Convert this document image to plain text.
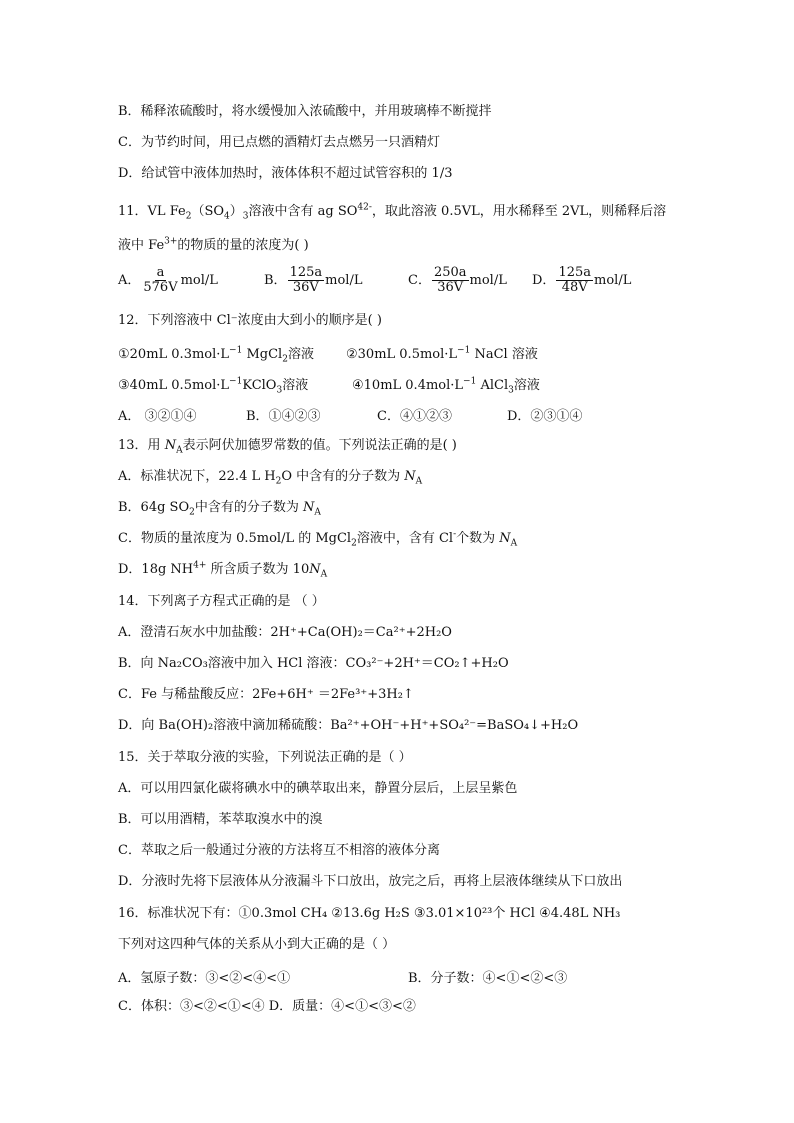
B．稀释浓硫酸时，将水缓慢加入浓硫酸中，并用玻璃棒不断搅拌
C．为节约时间，用已点燃的酒精灯去点燃另一只酒精灯
D．给试管中液体加热时，液体体积不超过试管容积的 1/3
11．VL $Fe_2(SO_4)_3$溶液中含有 ag $SO^{42-}$，取此溶液 0.5VL，用水稀释至 2VL，则稀释后溶
液中 $Fe^{3+}$的物质的量的浓度为( )
A． $\frac{a}{576V} mol/L$	B． $\frac{125a}{36V} mol/L$	C． $\frac{250a}{36V} mol/L$ D． $\frac{125a}{48V} mol/L$
12．下列溶液中 Cl⁻浓度由大到小的顺序是( )
①20mL $0.3mol\cdot L^{-1}$ MgCl$_2$溶液 ②30mL $0.5mol\cdot L^{-1}$ NaCl 溶液
③40mL $0.5mol\cdot L^{-1}KClO_3$溶液	④10mL $0.4mol\cdot L^{-1}$ AlCl$_3$溶液
A． ③②①④	B．①④②③	C．④①②③	D．②③①④
13．用 $N_A$表示阿伏加德罗常数的值。下列说法正确的是( )
A．标准状况下，22.4 L $H_2O$ 中含有的分子数为 $N_A$
B．64g $SO_2$中含有的分子数为 $N_A$
C．物质的量浓度为 0.5mol/L 的 MgCl$_2$溶液中，含有 Cl-个数为 $N_A$
D．18g $NH^{4+}$ 所含质子数为 $10N_A$
14．下列离子方程式正确的是 （ ）
A．澄清石灰水中加盐酸：2H⁺+Ca(OH)₂＝Ca²⁺+2H₂O
B．向 Na₂CO₃溶液中加入 HCl 溶液：CO₃²⁻+2H⁺＝CO₂↑+H₂O
C．Fe 与稀盐酸反应：2Fe+6H⁺ ＝2Fe³⁺+3H₂↑
D．向 Ba(OH)₂溶液中滴加稀硫酸：Ba²⁺+OH⁻+H⁺+SO₄²⁻=BaSO₄↓+H₂O
15．关于萃取分液的实验，下列说法正确的是（ ）
A．可以用四氯化碳将碘水中的碘萃取出来，静置分层后，上层呈紫色
B．可以用酒精，苯萃取溴水中的溴
C．萃取之后一般通过分液的方法将互不相溶的液体分离
D．分液时先将下层液体从分液漏斗下口放出，放完之后，再将上层液体继续从下口放出
16．标准状况下有：①0.3mol CH₄ ②13.6g H₂S ③3.01×10²³个 HCl ④4.48L NH₃
下列对这四种气体的关系从小到大正确的是（ ）
A．氢原子数：③<②<④<①	B．分子数：④<①<②<③
C．体积：③<②<①<④ D．质量：④<①<③<②
